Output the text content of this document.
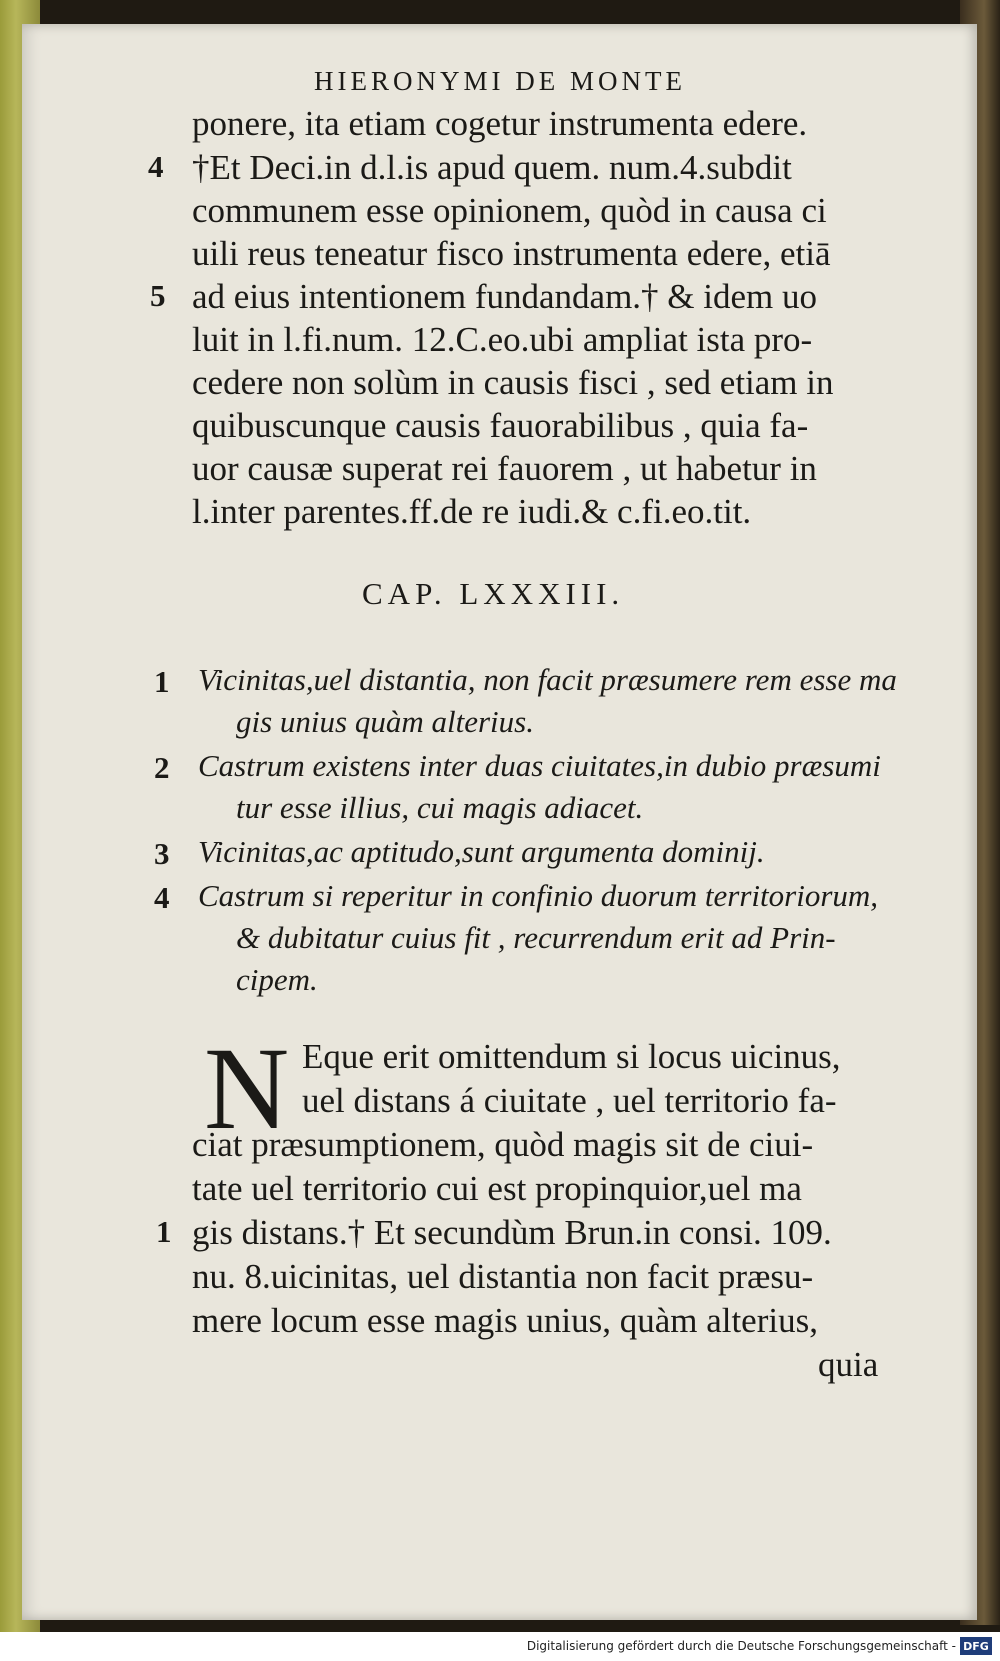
HIERONYMI DE MONTE
ponere, ita etiam cogetur instrumenta edere.
4 †Et Deci.in d.l.is apud quem. num.4.subdit
communem esse opinionem, quòd in causa ci
uili reus teneatur fisco instrumenta edere, etiā
5 ad eius intentionem fundandam.† & idem uo
luit in l.fi.num. 12.C.eo.ubi ampliat ista pro-
cedere non solùm in causis fisci , sed etiam in
quibuscunque causis fauorabilibus , quia fa-
uor causæ superat rei fauorem , ut habetur in
l.inter parentes.ff.de re iudi.& c.fi.eo.tit.
CAP. LXXXIII.
1 Vicinitas,uel distantia, non facit præsumere rem esse ma
gis unius quàm alterius.
2 Castrum existens inter duas ciuitates,in dubio præsumi
tur esse illius, cui magis adiacet.
3 Vicinitas,ac aptitudo,sunt argumenta dominij.
4 Castrum si reperitur in confinio duorum territoriorum,
& dubitatur cuius fit , recurrendum erit ad Prin-
cipem.
N Eque erit omittendum si locus uicinus,
uel distans á ciuitate , uel territorio fa-
ciat præsumptionem, quòd magis sit de ciui-
tate uel territorio cui est propinquior,uel ma
1 gis distans.† Et secundùm Brun.in consi. 109.
nu. 8.uicinitas, uel distantia non facit præsu-
mere locum esse magis unius, quàm alterius,
quia
Digitalisierung gefördert durch die Deutsche Forschungsgemeinschaft - DFG
